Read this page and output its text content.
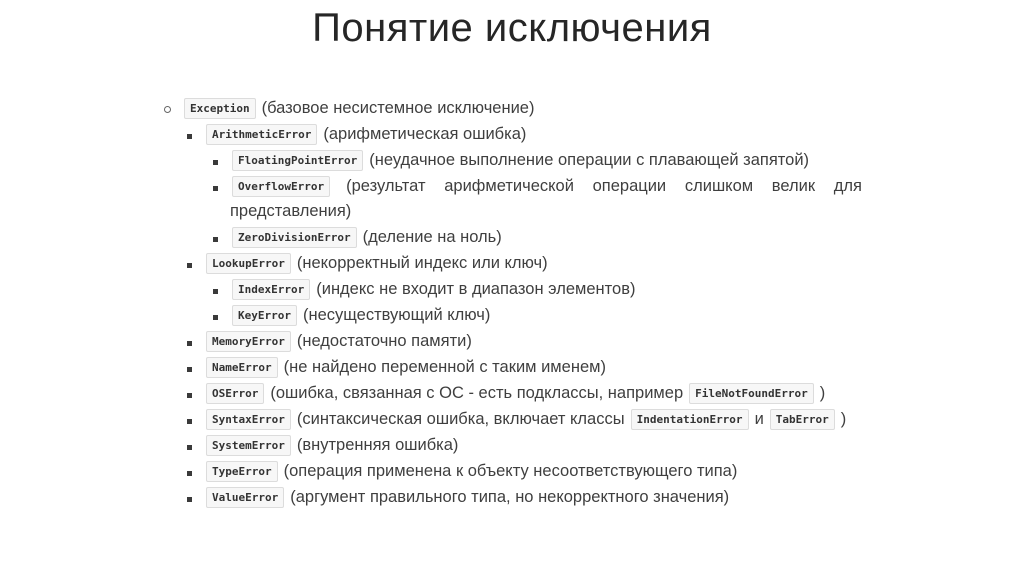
Понятие исключения
Exception (базовое несистемное исключение)
ArithmeticError (арифметическая ошибка)
FloatingPointError (неудачное выполнение операции с плавающей запятой)
OverflowError	(результат арифметической операции слишком велик для
представления)
ZeroDivisionError (деление на ноль)
LookupError (некорректный индекс или ключ)
IndexError (индекс не входит в диапазон элементов)
KeyError (несуществующий ключ)
MemoryError (недостаточно памяти)
NameError (не найдено переменной с таким именем)
OSError (ошибка, связанная с ОС - есть подклассы, например	FileNotFoundError )
SyntaxError (синтаксическая ошибка, включает классы	IndentationError и	TabError )
SystemError (внутренняя ошибка)
TypeError (операция применена к объекту несоответствующего типа)
ValueError (аргумент правильного типа, но некорректного значения)
